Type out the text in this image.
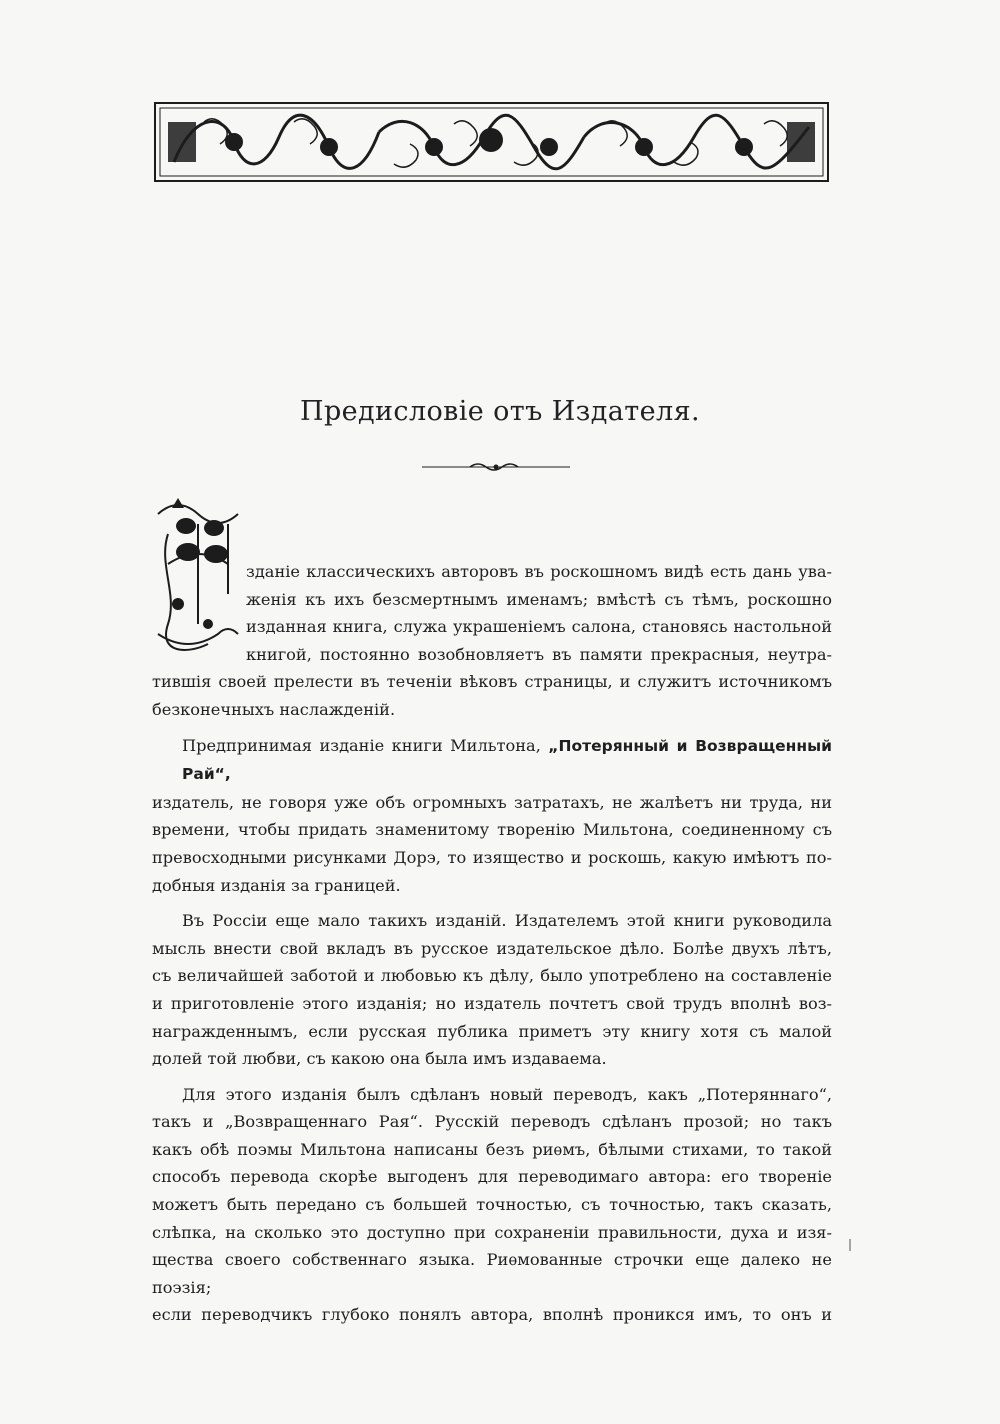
Предисловіе отъ Издателя.
зданіе классическихъ авторовъ въ роскошномъ видѣ есть дань ува-
женія къ ихъ безсмертнымъ именамъ; вмѣстѣ съ тѣмъ, роскошно
изданная книга, служа украшеніемъ салона, становясь настольной
книгой, постоянно возобновляетъ въ памяти прекрасныя, неутра-
тившія своей прелести въ теченіи вѣковъ страницы, и служитъ источникомъ
безконечныхъ наслажденій.
Предпринимая изданіе книги Мильтона, „Потерянный и Возвращенный Рай“,
издатель, не говоря уже объ огромныхъ затратахъ, не жалѣетъ ни труда, ни
времени, чтобы придать знаменитому творенію Мильтона, соединенному съ
превосходными рисунками Дорэ, то изящество и роскошь, какую имѣютъ по-
добныя изданія за границей.
Въ Россіи еще мало такихъ изданій. Издателемъ этой книги руководила
мысль внести свой вкладъ въ русское издательское дѣло. Болѣе двухъ лѣтъ,
съ величайшей заботой и любовью къ дѣлу, было употреблено на составленіе
и приготовленіе этого изданія; но издатель почтетъ свой трудъ вполнѣ воз-
награжденнымъ, если русская публика приметъ эту книгу хотя съ малой
долей той любви, съ какою она была имъ издаваема.
Для этого изданія былъ сдѣланъ новый переводъ, какъ „Потеряннаго“,
такъ и „Возвращеннаго Рая“. Русскій переводъ сдѣланъ прозой; но такъ
какъ обѣ поэмы Мильтона написаны безъ риѳмъ, бѣлыми стихами, то такой
способъ перевода скорѣе выгоденъ для переводимаго автора: его твореніе
можетъ быть передано съ большей точностью, съ точностью, такъ сказать,
слѣпка, на сколько это доступно при сохраненіи правильности, духа и изя-
щества своего собственнаго языка. Риѳмованные строчки еще далеко не поэзія;
если переводчикъ глубоко понялъ автора, вполнѣ проникся имъ, то онъ и
